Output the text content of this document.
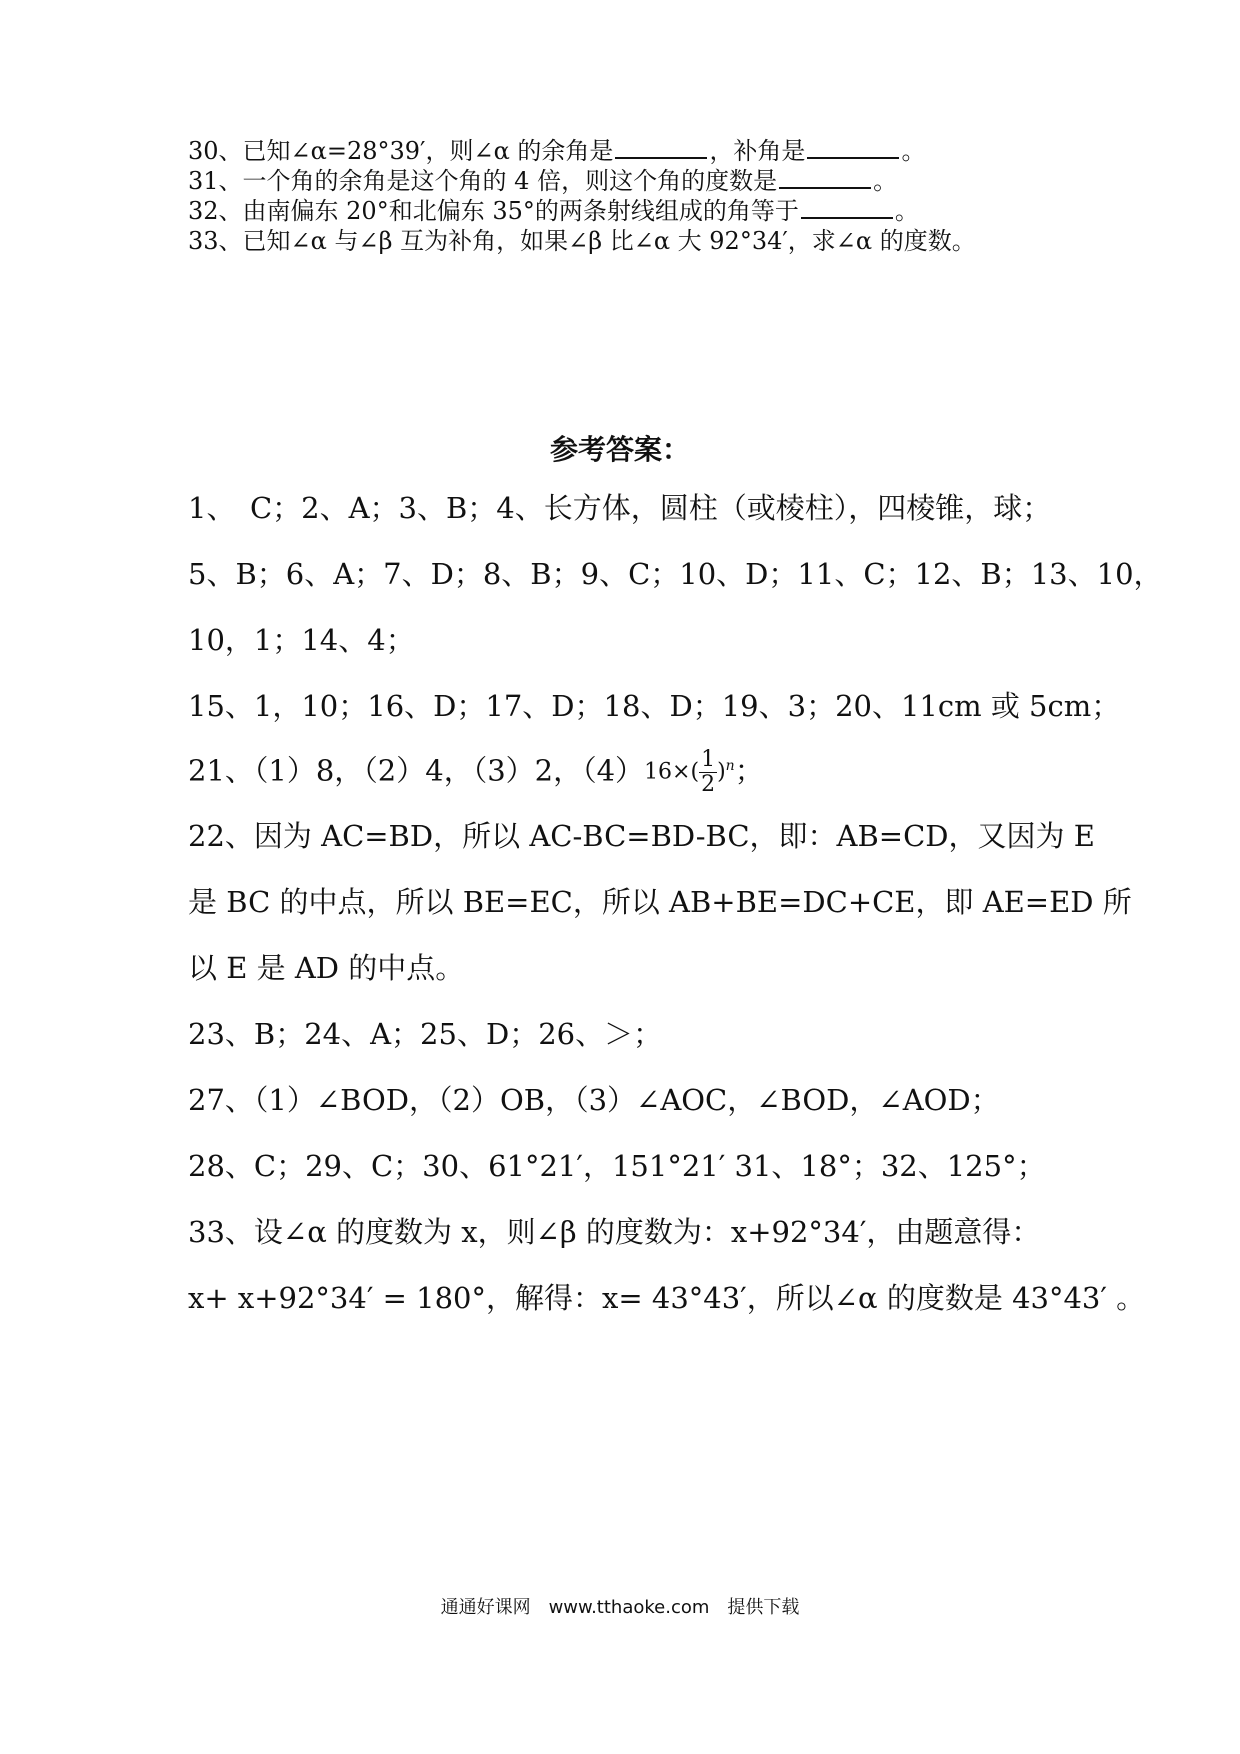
30、已知∠α=28°39′，则∠α 的余角是	，补角是	。
31、一个角的余角是这个角的 4 倍，则这个角的度数是	。
32、由南偏东 20°和北偏东 35°的两条射线组成的角等于	。
33、已知∠α 与∠β 互为补角，如果∠β 比∠α 大 92°34′，求∠α 的度数。
参考答案：
1、　C；2、A；3、B；4、长方体，圆柱（或棱柱），四棱锥，球；
5、B；6、A；7、D；8、B；9、C；10、D；11、C；12、B；13、10，
10，1；14、4；
15、1，10；16、D；17、D；18、D；19、3；20、11cm 或 5cm；
21、（1）8，（2）4，（3）2，$(4)16\times( \frac{1}{2} )^n$；
22、因为 AC=BD，所以 AC-BC=BD-BC，即：AB=CD，又因为 E
是 BC 的中点，所以 BE=EC，所以 AB+BE=DC+CE，即 AE=ED 所
以 E 是 AD 的中点。
23、B；24、A；25、D；26、＞；
27、（1）∠BOD，（2）OB，（3）∠AOC，∠BOD，∠AOD；
28、C；29、C；30、61°21′，151°21′ 31、18°；32、125°；
33、设∠α 的度数为 x，则∠β 的度数为：x+92°34′，由题意得：
x+ x+92°34′ = 180°，解得：x= 43°43′，所以∠α 的度数是 43°43′ 。
通通好课网　www.tthaoke.com　提供下载
